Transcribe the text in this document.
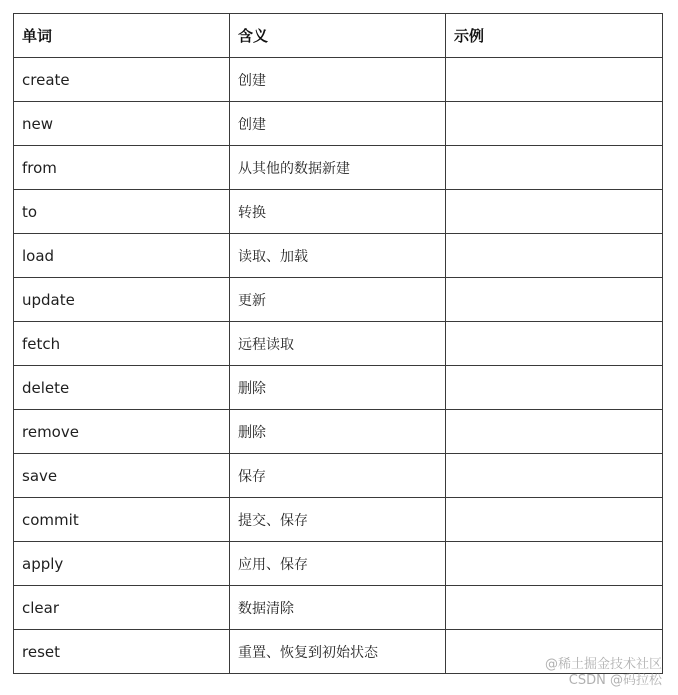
单词	含义	示例
create	创建	
new	创建	
from	从其他的数据新建	
to	转换	
load	读取、加载	
update	更新	
fetch	远程读取	
delete	删除	
remove	删除	
save	保存	
commit	提交、保存	
apply	应用、保存	
clear	数据清除	
reset	重置、恢复到初始状态	
@稀土掘金技术社区
CSDN @码拉松
